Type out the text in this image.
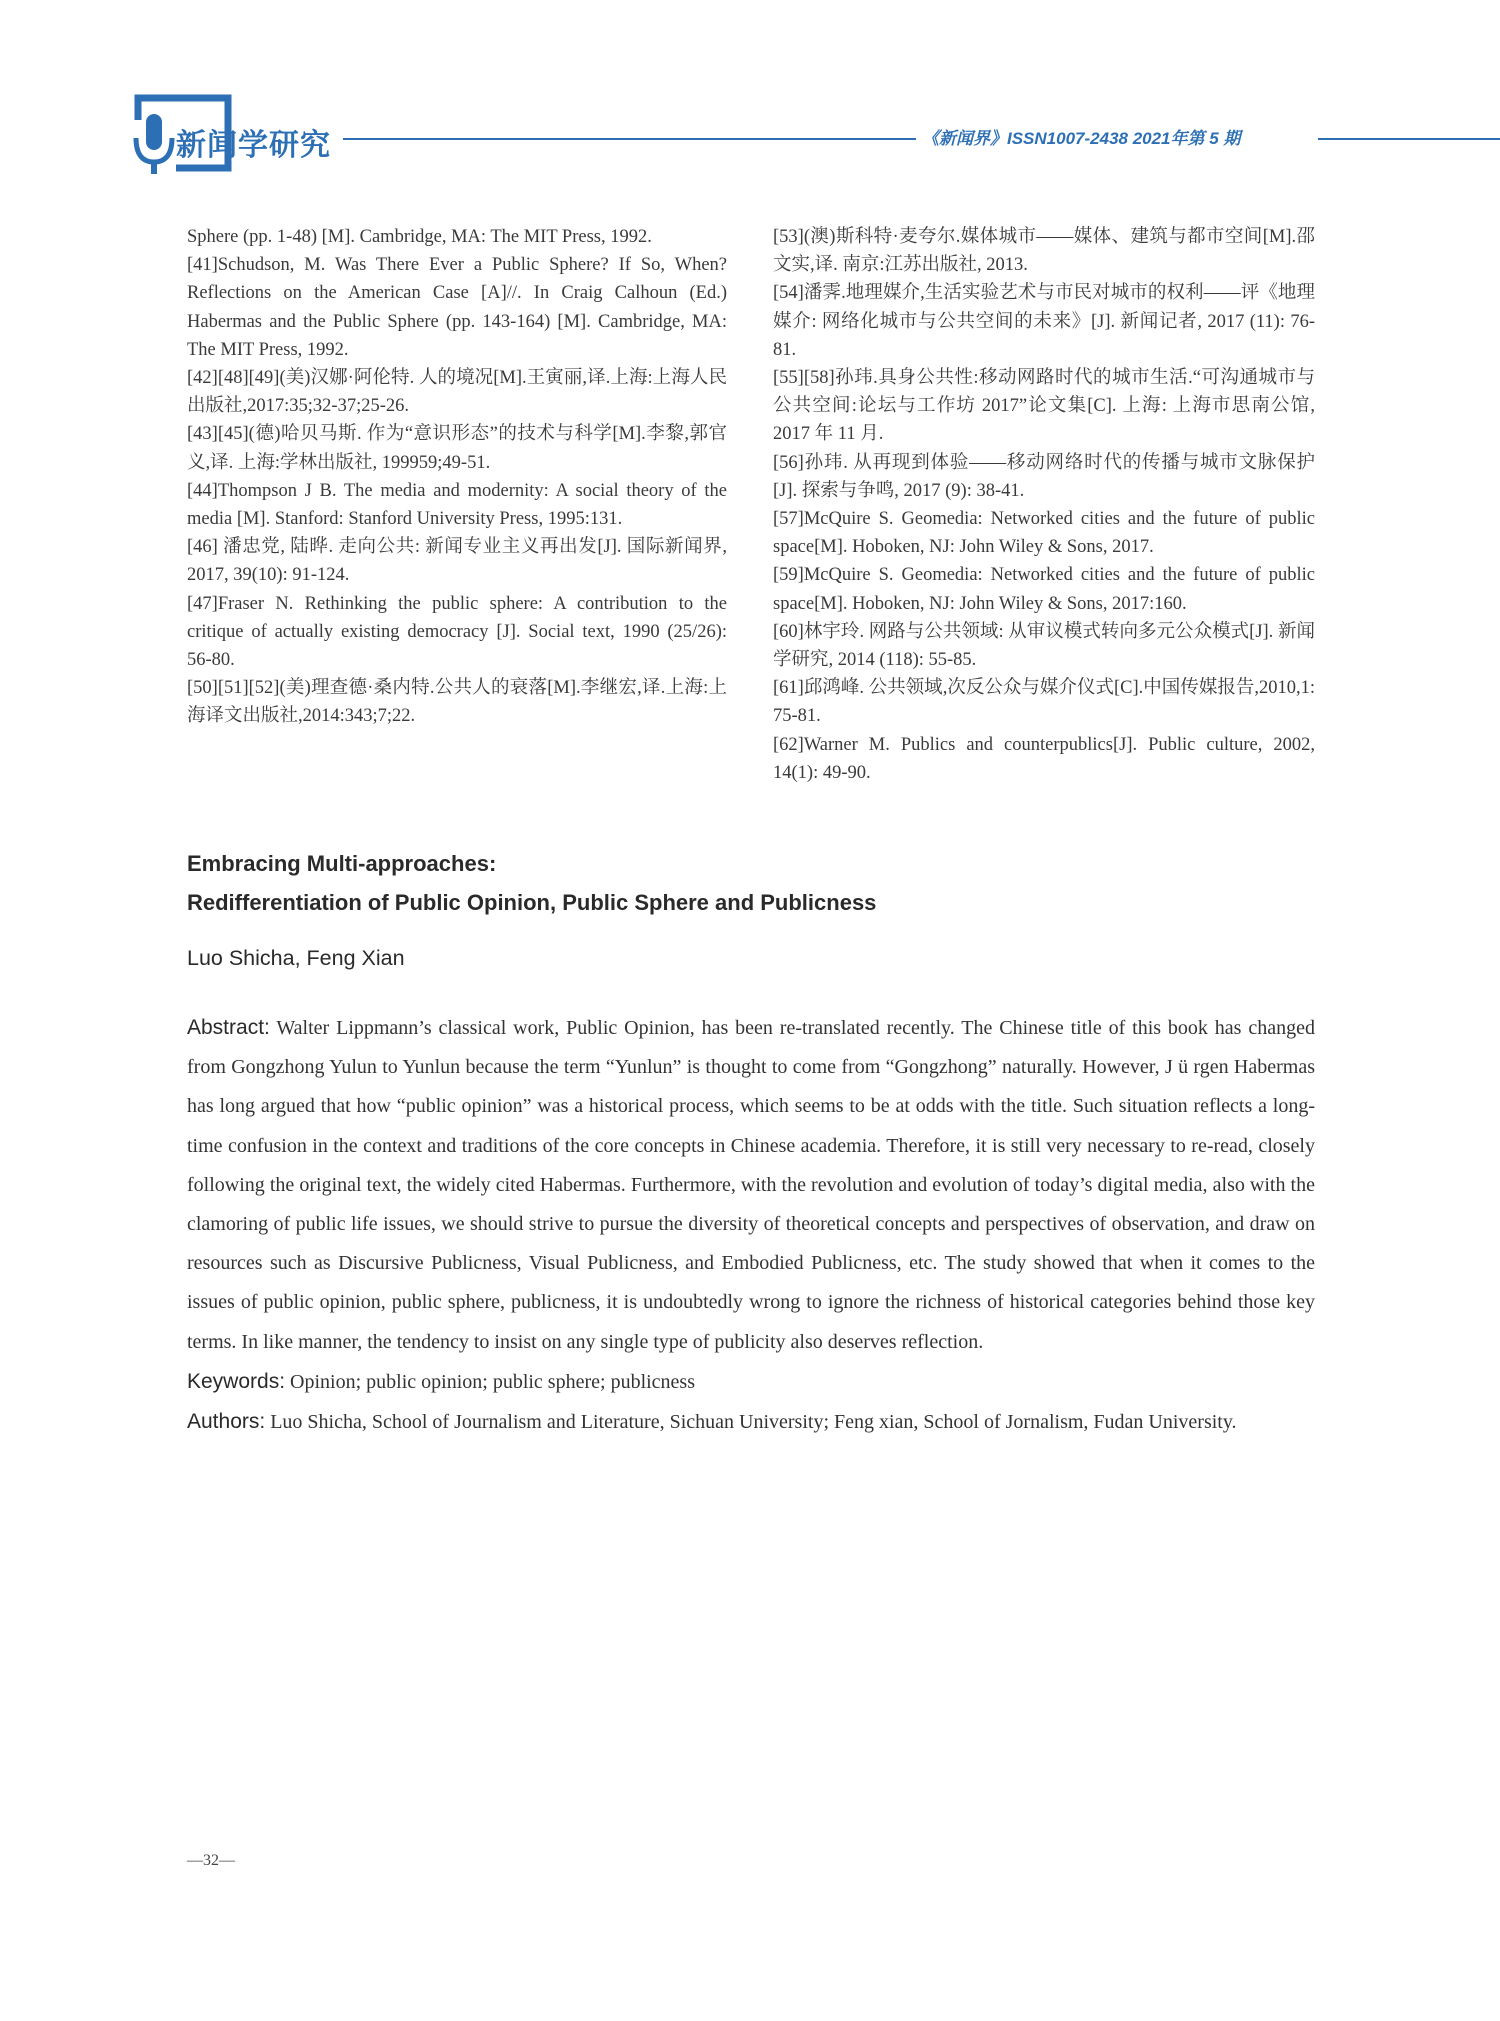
新闻学研究	《新闻界》ISSN1007-2438 2021年第 5 期

Sphere (pp. 1-48) [M]. Cambridge, MA: The MIT Press, 1992.

[41]Schudson, M. Was There Ever a Public Sphere? If So, When? Reflections on the American Case [A]//. In Craig Calhoun (Ed.) Habermas and the Public Sphere (pp. 143-164) [M]. Cambridge, MA: The MIT Press, 1992.

[42][48][49](美)汉娜·阿伦特. 人的境况[M].王寅丽,译.上海:上海人民出版社,2017:35;32-37;25-26.

[43][45](德)哈贝马斯. 作为“意识形态”的技术与科学[M].李黎,郭官义,译. 上海:学林出版社, 199959;49-51.

[44]Thompson J B. The media and modernity: A social theory of the media [M]. Stanford: Stanford University Press, 1995:131.

[46] 潘忠党, 陆晔. 走向公共: 新闻专业主义再出发[J]. 国际新闻界, 2017, 39(10): 91-124.

[47]Fraser N. Rethinking the public sphere: A contribution to the critique of actually existing democracy [J]. Social text, 1990 (25/26): 56-80.

[50][51][52](美)理查德·桑内特.公共人的衰落[M].李继宏,译.上海:上海译文出版社,2014:343;7;22.

[53](澳)斯科特·麦夸尔.媒体城市——媒体、建筑与都市空间[M].邵文实,译. 南京:江苏出版社, 2013.

[54]潘霁.地理媒介,生活实验艺术与市民对城市的权利——评《地理媒介: 网络化城市与公共空间的未来》[J]. 新闻记者, 2017 (11): 76-81.

[55][58]孙玮.具身公共性:移动网路时代的城市生活.“可沟通城市与公共空间:论坛与工作坊 2017”论文集[C]. 上海: 上海市思南公馆, 2017 年 11 月.

[56]孙玮. 从再现到体验——移动网络时代的传播与城市文脉保护[J]. 探索与争鸣, 2017 (9): 38-41.

[57]McQuire S. Geomedia: Networked cities and the future of public space[M]. Hoboken, NJ: John Wiley & Sons, 2017.

[59]McQuire S. Geomedia: Networked cities and the future of public space[M]. Hoboken, NJ: John Wiley & Sons, 2017:160.

[60]林宇玲. 网路与公共领域: 从审议模式转向多元公众模式[J]. 新闻学研究, 2014 (118): 55-85.

[61]邱鸿峰. 公共领域,次反公众与媒介仪式[C].中国传媒报告,2010,1: 75-81.

[62]Warner M. Publics and counterpublics[J]. Public culture, 2002, 14(1): 49-90.

Embracing Multi-approaches:
Redifferentiation of Public Opinion, Public Sphere and Publicness
Luo Shicha, Feng Xian

Abstract: Walter Lippmann’s classical work, Public Opinion, has been re-translated recently. The Chinese title of this book has changed from Gongzhong Yulun to Yunlun because the term “Yunlun” is thought to come from “Gongzhong” naturally. However, J ü rgen Habermas has long argued that how “public opinion” was a historical process, which seems to be at odds with the title. Such situation reflects a long-time confusion in the context and traditions of the core concepts in Chinese academia. Therefore, it is still very necessary to re-read, closely following the original text, the widely cited Habermas. Furthermore, with the revolution and evolution of today’s digital media, also with the clamoring of public life issues, we should strive to pursue the diversity of theoretical concepts and perspectives of observation, and draw on resources such as Discursive Publicness, Visual Publicness, and Embodied Publicness, etc. The study showed that when it comes to the issues of public opinion, public sphere, publicness, it is undoubtedly wrong to ignore the richness of historical categories behind those key terms. In like manner, the tendency to insist on any single type of publicity also deserves reflection.

Keywords: Opinion; public opinion; public sphere; publicness

Authors: Luo Shicha, School of Journalism and Literature, Sichuan University; Feng xian, School of Jornalism, Fudan University.

—32—
